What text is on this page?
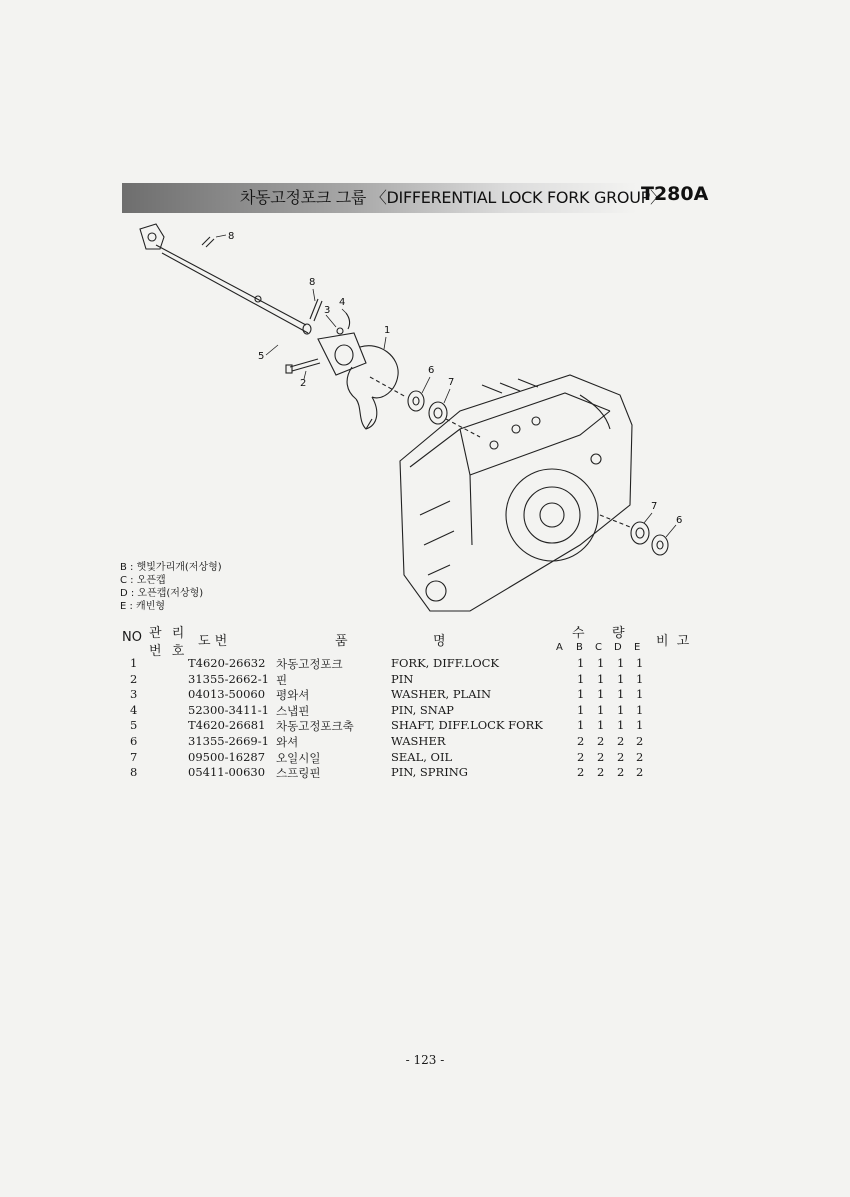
차동고정포크 그룹 〈DIFFERENTIAL LOCK FORK GROUP〉
T280A
8
8
4
3
1
5
2
6
7
7
6
B : 햇빛가리개(저상형)
C : 오픈캡
D : 오픈캡(저상형)
E : 캐빈형
NO 관 리
번 호
도 번	품	명
수 량
A B C D E 비 고
1	T4620-26632 차동고정포크	FORK, DIFF.LOCK	1 1 1 1
2	31355-2662-1 핀	PIN	1 1 1 1
3	04013-50060 평와셔	WASHER, PLAIN	1 1 1 1
4	52300-3411-1 스냅핀	PIN, SNAP	1 1 1 1
5	T4620-26681 차동고정포크축	SHAFT, DIFF.LOCK FORK	1 1 1 1
6	31355-2669-1 와셔	WASHER	2 2 2 2
7	09500-16287 오일시일	SEAL, OIL	2 2 2 2
8	05411-00630 스프링핀	PIN, SPRING	2 2 2 2
- 123 -
